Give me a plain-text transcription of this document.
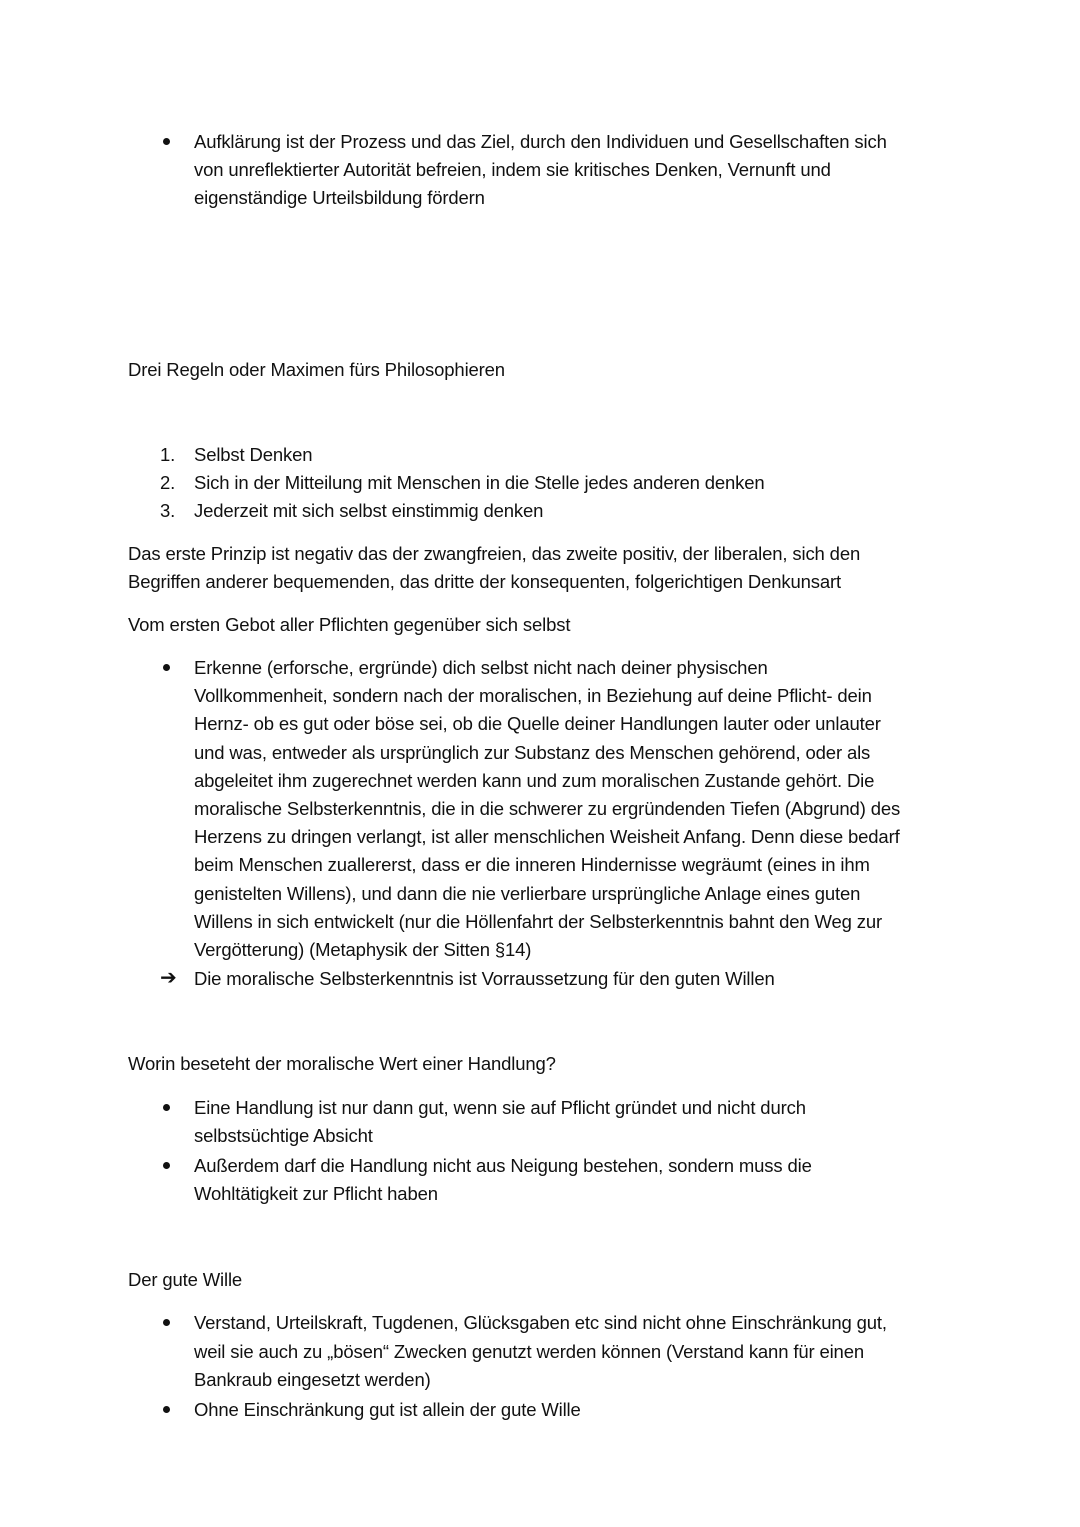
Aufklärung ist der Prozess und das Ziel, durch den Individuen und Gesellschaften sich
von unreflektierter Autorität befreien, indem sie kritisches Denken, Vernunft und
eigenständige Urteilsbildung fördern
Drei Regeln oder Maximen fürs Philosophieren
1. Selbst Denken
2. Sich in der Mitteilung mit Menschen in die Stelle jedes anderen denken
3. Jederzeit mit sich selbst einstimmig denken
Das erste Prinzip ist negativ das der zwangfreien, das zweite positiv, der liberalen, sich den
Begriffen anderer bequemenden, das dritte der konsequenten, folgerichtigen Denkunsart
Vom ersten Gebot aller Pflichten gegenüber sich selbst
Erkenne (erforsche, ergründe) dich selbst nicht nach deiner physischen
Vollkommenheit, sondern nach der moralischen, in Beziehung auf deine Pflicht- dein
Hernz- ob es gut oder böse sei, ob die Quelle deiner Handlungen lauter oder unlauter
und was, entweder als ursprünglich zur Substanz des Menschen gehörend, oder als
abgeleitet ihm zugerechnet werden kann und zum moralischen Zustande gehört. Die
moralische Selbsterkenntnis, die in die schwerer zu ergründenden Tiefen (Abgrund) des
Herzens zu dringen verlangt, ist aller menschlichen Weisheit Anfang. Denn diese bedarf
beim Menschen zuallererst, dass er die inneren Hindernisse wegräumt (eines in ihm
genistelten Willens), und dann die nie verlierbare ursprüngliche Anlage eines guten
Willens in sich entwickelt (nur die Höllenfahrt der Selbsterkenntnis bahnt den Weg zur
Vergötterung) (Metaphysik der Sitten §14)
➔ Die moralische Selbsterkenntnis ist Vorraussetzung für den guten Willen
Worin beseteht der moralische Wert einer Handlung?
Eine Handlung ist nur dann gut, wenn sie auf Pflicht gründet und nicht durch
selbstsüchtige Absicht
Außerdem darf die Handlung nicht aus Neigung bestehen, sondern muss die
Wohltätigkeit zur Pflicht haben
Der gute Wille
Verstand, Urteilskraft, Tugdenen, Glücksgaben etc sind nicht ohne Einschränkung gut,
weil sie auch zu „bösen“ Zwecken genutzt werden können (Verstand kann für einen
Bankraub eingesetzt werden)
Ohne Einschränkung gut ist allein der gute Wille
